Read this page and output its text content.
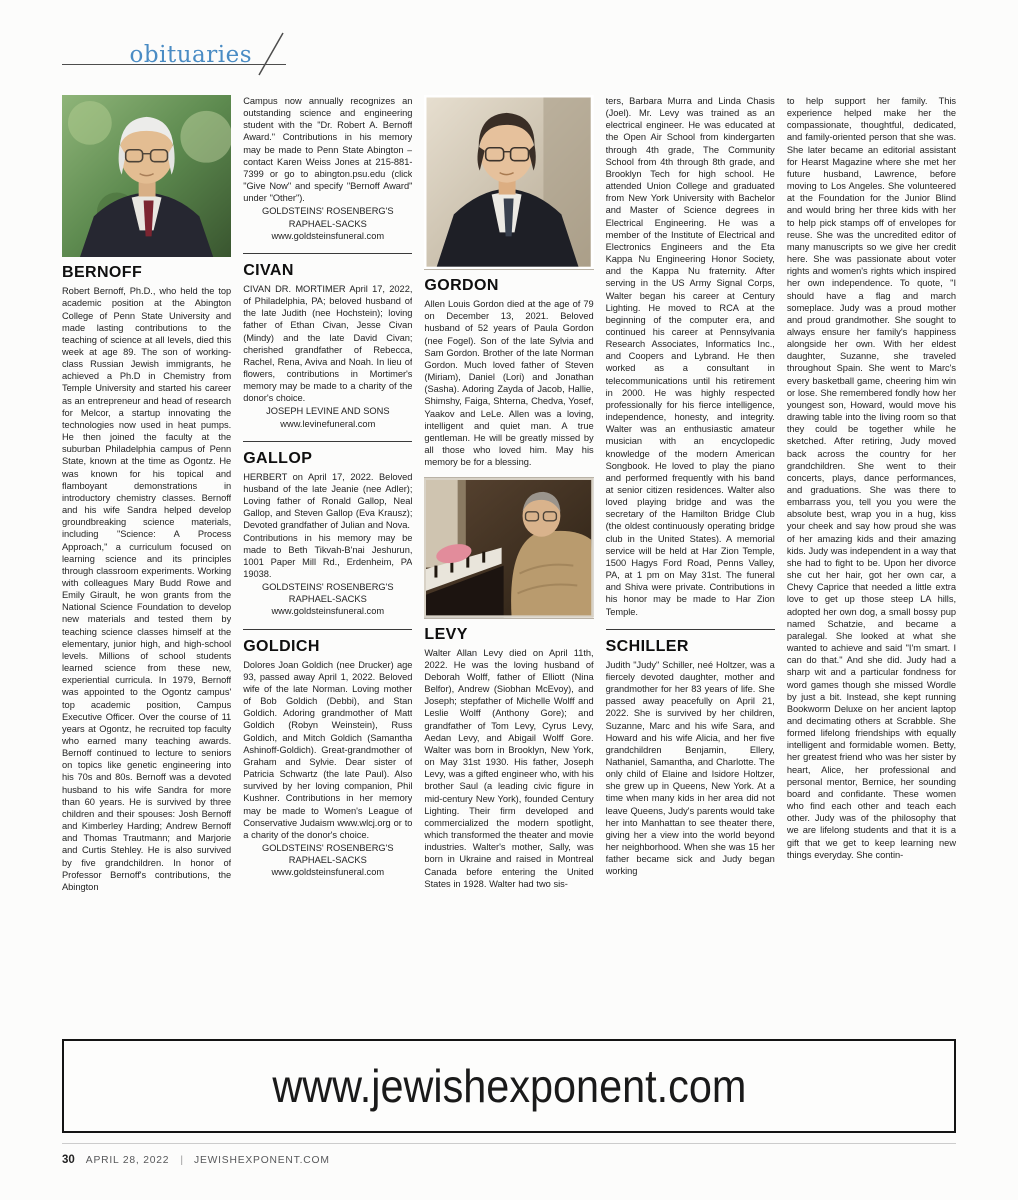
obituaries
BERNOFF

Robert Bernoff, Ph.D., who held the top academic position at the Abington College of Penn State University and made lasting contributions to the teaching of science at all levels, died this week at age 89. The son of working-class Russian Jewish immigrants, he achieved a Ph.D in Chemistry from Temple University and started his career as an entrepreneur and head of research for Melcor, a startup innovating the technologies now used in heat pumps. He then joined the faculty at the suburban Philadelphia campus of Penn State, known at the time as Ogontz. He was known for his topical and flamboyant demonstrations in introductory chemistry classes. Bernoff and his wife Sandra helped develop groundbreaking science materials, including "Science: A Process Approach," a curriculum focused on learning science and its principles through classroom experiments. Working with colleagues Mary Budd Rowe and Emily Girault, he won grants from the National Science Foundation to develop new materials and tested them by teaching science classes himself at the elementary, junior high, and high-school levels. Millions of school students learned science from these new, experiential curricula. In 1979, Bernoff was appointed to the Ogontz campus' top academic position, Campus Executive Officer. Over the course of 11 years at Ogontz, he recruited top faculty who earned many teaching awards. Bernoff continued to lecture to seniors on topics like genetic engineering into his 70s and 80s. Bernoff was a devoted husband to his wife Sandra for more than 60 years. He is survived by three children and their spouses: Josh Bernoff and Kimberley Harding; Andrew Bernoff and Thomas Trautmann; and Marjorie and Curtis Stehley. He is also survived by five grandchildren. In honor of Professor Bernoff's contributions, the Abington

Campus now annually recognizes an outstanding science and engineering student with the "Dr. Robert A. Bernoff Award." Contributions in his memory may be made to Penn State Abington – contact Karen Weiss Jones at 215-881-7399 or go to abington.psu.edu (click "Give Now" and specify "Bernoff Award" under "Other").

GOLDSTEINS' ROSENBERG'S
RAPHAEL-SACKS
www.goldsteinsfuneral.com
CIVAN

CIVAN DR. MORTIMER April 17, 2022, of Philadelphia, PA; beloved husband of the late Judith (nee Hochstein); loving father of Ethan Civan, Jesse Civan (Mindy) and the late David Civan; cherished grandfather of Rebecca, Rachel, Rena, Aviva and Noah. In lieu of flowers, contributions in Mortimer's memory may be made to a charity of the donor's choice.

JOSEPH LEVINE AND SONS
www.levinefuneral.com
GALLOP

HERBERT on April 17, 2022. Beloved husband of the late Jeanie (nee Adler); Loving father of Ronald Gallop, Neal Gallop, and Steven Gallop (Eva Krausz); Devoted grandfather of Julian and Nova.

Contributions in his memory may be made to Beth Tikvah-B'nai Jeshurun, 1001 Paper Mill Rd., Erdenheim, PA 19038.

GOLDSTEINS' ROSENBERG'S
RAPHAEL-SACKS
www.goldsteinsfuneral.com
GOLDICH

Dolores Joan Goldich (nee Drucker) age 93, passed away April 1, 2022. Beloved wife of the late Norman. Loving mother of Bob Goldich (Debbi), and Stan Goldich. Adoring grandmother of Matt Goldich (Robyn Weinstein), Russ Goldich, and Mitch Goldich (Samantha Ashinoff-Goldich). Great-grandmother of Graham and Sylvie. Dear sister of Patricia Schwartz (the late Paul). Also survived by her loving companion, Phil Kushner. Contributions in her memory may be made to Women's League of Conservative Judaism www.wlcj.org or to a charity of the donor's choice.

GOLDSTEINS' ROSENBERG'S
RAPHAEL-SACKS
www.goldsteinsfuneral.com
GORDON

Allen Louis Gordon died at the age of 79 on December 13, 2021. Beloved husband of 52 years of Paula Gordon (nee Fogel). Son of the late Sylvia and Sam Gordon. Brother of the late Norman Gordon. Much loved father of Steven (Miriam), Daniel (Lori) and Jonathan (Sasha). Adoring Zayda of Jacob, Hallie, Shimshy, Faiga, Shterna, Chedva, Yosef, Yaakov and LeLe. Allen was a loving, intelligent and quiet man. A true gentleman. He will be greatly missed by all those who loved him. May his memory be for a blessing.

LEVY

Walter Allan Levy died on April 11th, 2022. He was the loving husband of Deborah Wolff, father of Elliott (Nina Belfor), Andrew (Siobhan McEvoy), and Joseph; stepfather of Michelle Wolff and Leslie Wolff (Anthony Gore); and grandfather of Tom Levy, Cyrus Levy, Aedan Levy, and Abigail Wolff Gore. Walter was born in Brooklyn, New York, on May 31st 1930. His father, Joseph Levy, was a gifted engineer who, with his brother Saul (a leading civic figure in mid-century New York), founded Century Lighting. Their firm developed and commercialized the modern spotlight, which transformed the theater and movie industries. Walter's mother, Sally, was born in Ukraine and raised in Montreal Canada before entering the United States in 1928. Walter had two sis-

ters, Barbara Murra and Linda Chasis (Joel). Mr. Levy was trained as an electrical engineer. He was educated at the Open Air School from kindergarten through 4th grade, The Community School from 4th through 8th grade, and Brooklyn Tech for high school. He attended Union College and graduated from New York University with Bachelor and Master of Science degrees in Electrical Engineering. He was a member of the Institute of Electrical and Electronics Engineers and the Eta Kappa Nu Engineering Honor Society, and the Kappa Nu fraternity. After serving in the US Army Signal Corps, Walter began his career at Century Lighting. He moved to RCA at the beginning of the computer era, and continued his career at Pennsylvania Research Associates, Informatics Inc., and Coopers and Lybrand. He then worked as a consultant in telecommunications until his retirement in 2000. He was highly respected professionally for his fierce intelligence, independence, honesty, and integrity. Walter was an enthusiastic amateur musician with an encyclopedic knowledge of the modern American Songbook. He loved to play the piano and performed frequently with his band at senior citizen residences. Walter also loved playing bridge and was the secretary of the Hamilton Bridge Club (the oldest continuously operating bridge club in the United States). A memorial service will be held at Har Zion Temple, 1500 Hagys Ford Road, Penns Valley, PA, at 1 pm on May 31st. The funeral and Shiva were private. Contributions in his honor may be made to Har Zion Temple.

SCHILLER

Judith "Judy" Schiller, neé Holtzer, was a fiercely devoted daughter, mother and grandmother for her 83 years of life. She passed away peacefully on April 21, 2022. She is survived by her children, Suzanne, Marc and his wife Sara, and Howard and his wife Alicia, and her five grandchildren Benjamin, Ellery, Nathaniel, Samantha, and Charlotte. The only child of Elaine and Isidore Holtzer, she grew up in Queens, New York. At a time when many kids in her area did not leave Queens, Judy's parents would take her into Manhattan to see theater there, giving her a view into the world beyond her neighborhood. When she was 15 her father became sick and Judy began working

to help support her family. This experience helped make her the compassionate, thoughtful, dedicated, and family-oriented person that she was. She later became an editorial assistant for Hearst Magazine where she met her future husband, Lawrence, before moving to Los Angeles. She volunteered at the Foundation for the Junior Blind and would bring her three kids with her to help pick stamps off of envelopes for reuse. She was the uncredited editor of many manuscripts so we give her credit here. She was passionate about voter rights and women's rights which inspired her own independence. To quote, "I should have a flag and march someplace. Judy was a proud mother and proud grandmother. She sought to always ensure her family's happiness alongside her own. With her eldest daughter, Suzanne, she traveled throughout Spain. She went to Marc's every basketball game, cheering him win or lose. She remembered fondly how her youngest son, Howard, would move his drawing table into the living room so that they could be together while he sketched. After retiring, Judy moved back across the country for her grandchildren. She went to their concerts, plays, dance performances, and graduations. She was there to embarrass you, tell you you were the absolute best, wrap you in a hug, kiss your cheek and say how proud she was of her amazing kids and their amazing kids. Judy was independent in a way that she had to fight to be. Upon her divorce she cut her hair, got her own car, a Chevy Caprice that needed a little extra love to get up those steep LA hills, adopted her own dog, a small bossy pup named Schatzie, and became a paralegal. She looked at what she wanted to achieve and said "I'm smart. I can do that." And she did. Judy had a sharp wit and a particular fondness for word games though she missed Wordle by just a bit. Instead, she kept running Bookworm Deluxe on her ancient laptop and decimating others at Scrabble. She formed lifelong friendships with equally intelligent and formidable women. Betty, her greatest friend who was her sister by heart, Alice, her professional and personal mentor, Bernice, her sounding board and confidante. These women who find each other and teach each other. Judy was of the philosophy that we are lifelong students and that it is a gift that we get to keep learning new things everyday. She contin-

www.jewishexponent.com
30 APRIL 28, 2022 | JEWISHEXPONENT.COM
